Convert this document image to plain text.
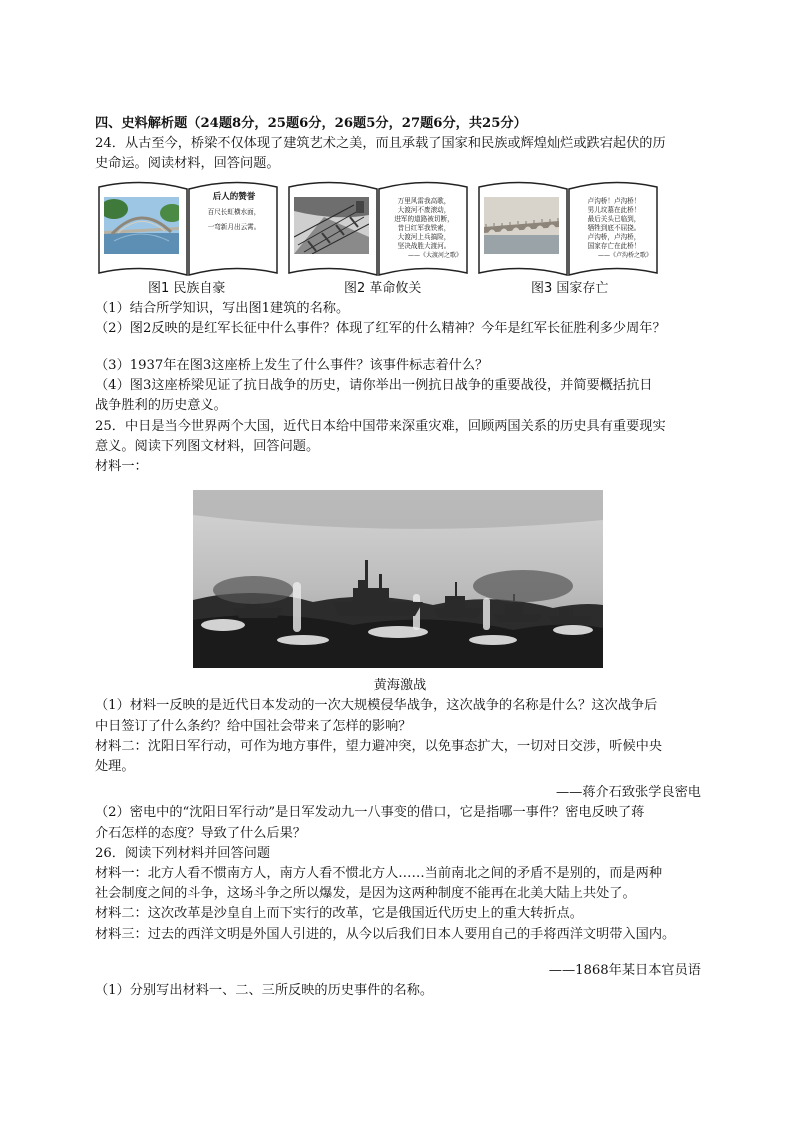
四、史料解析题（24题8分，25题6分，26题5分，27题6分，共25分）

24．从古至今，桥梁不仅体现了建筑艺术之美，而且承载了国家和民族或辉煌灿烂或跌宕起伏的历

史命运。阅读材料，回答问题。

后人的赞誉
百尺长虹横水面，
一弯新月出云霄。
万里风雷我高歌，
大渡河不废滚动，
进军的道路被切断，
昔日红军我铁索，
大渡河上兵搞险，
坚决战胜大渡河。
——《大渡河之歌》
卢沟桥！卢沟桥！
男儿坟墓在此桥！
最后关头已临到，
牺牲到底不屈挠。
卢沟桥，卢沟桥，
国家存亡在此桥！
——《卢沟桥之歌》
图1 民族自豪	图2 革命攸关	图3 国家存亡

（1）结合所学知识，写出图1建筑的名称。

（2）图2反映的是红军长征中什么事件？体现了红军的什么精神？今年是红军长征胜利多少周年？

（3）1937年在图3这座桥上发生了什么事件？该事件标志着什么？

（4）图3这座桥梁见证了抗日战争的历史，请你举出一例抗日战争的重要战役，并简要概括抗日

战争胜利的历史意义。

25．中日是当今世界两个大国，近代日本给中国带来深重灾难，回顾两国关系的历史具有重要现实

意义。阅读下列图文材料，回答问题。

材料一：

黄海激战

（1）材料一反映的是近代日本发动的一次大规模侵华战争，这次战争的名称是什么？这次战争后

中日签订了什么条约？给中国社会带来了怎样的影响？

材料二：沈阳日军行动，可作为地方事件，望力避冲突，以免事态扩大，一切对日交涉，听候中央

处理。

——蒋介石致张学良密电

（2）密电中的“沈阳日军行动”是日军发动九一八事变的借口，它是指哪一事件？密电反映了蒋

介石怎样的态度？导致了什么后果？

26．阅读下列材料并回答问题

材料一：北方人看不惯南方人，南方人看不惯北方人……当前南北之间的矛盾不是别的，而是两种

社会制度之间的斗争，这场斗争之所以爆发，是因为这两种制度不能再在北美大陆上共处了。

材料二：这次改革是沙皇自上而下实行的改革，它是俄国近代历史上的重大转折点。

材料三：过去的西洋文明是外国人引进的，从今以后我们日本人要用自己的手将西洋文明带入国内。

——1868年某日本官员语

（1）分别写出材料一、二、三所反映的历史事件的名称。
